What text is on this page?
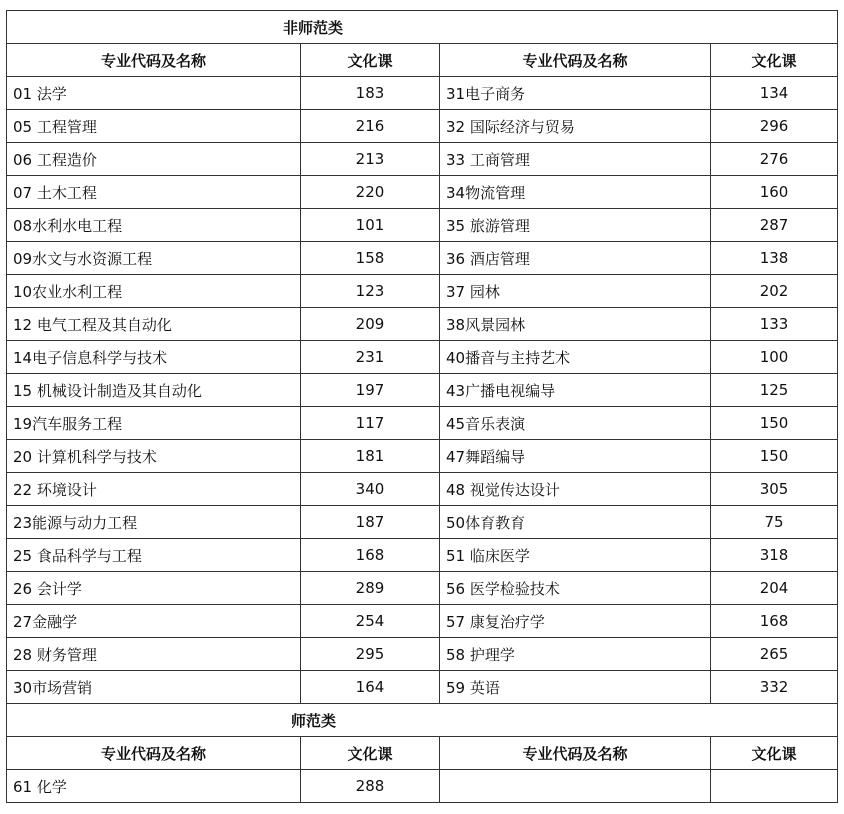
非师范类			
专业代码及名称	文化课	专业代码及名称	文化课
01 法学	183	31电子商务	134
05 工程管理	216	32 国际经济与贸易	296
06 工程造价	213	33 工商管理	276
07 土木工程	220	34物流管理	160
08水利水电工程	101	35 旅游管理	287
09水文与水资源工程	158	36 酒店管理	138
10农业水利工程	123	37 园林	202
12 电气工程及其自动化	209	38风景园林	133
14电子信息科学与技术	231	40播音与主持艺术	100
15 机械设计制造及其自动化	197	43广播电视编导	125
19汽车服务工程	117	45音乐表演	150
20 计算机科学与技术	181	47舞蹈编导	150
22 环境设计	340	48 视觉传达设计	305
23能源与动力工程	187	50体育教育	75
25 食品科学与工程	168	51 临床医学	318
26 会计学	289	56 医学检验技术	204
27金融学	254	57 康复治疗学	168
28 财务管理	295	58 护理学	265
30市场营销	164	59 英语	332
师范类			
专业代码及名称	文化课	专业代码及名称	文化课
61 化学	288		
